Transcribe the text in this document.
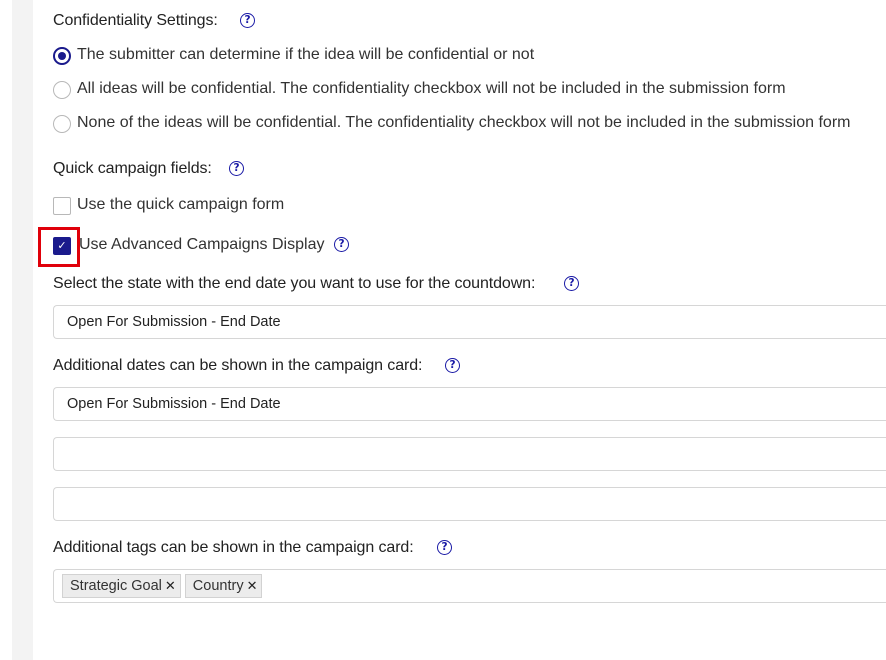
Confidentiality Settings:	?
The submitter can determine if the idea will be confidential or not
All ideas will be confidential. The confidentiality checkbox will not be included in the submission form
None of the ideas will be confidential. The confidentiality checkbox will not be included in the submission form
Quick campaign fields:	?
Use the quick campaign form
✓ Use Advanced Campaigns Display	?
Select the state with the end date you want to use for the countdown:	?
Open For Submission - End Date
Additional dates can be shown in the campaign card:	?
Open For Submission - End Date
Additional tags can be shown in the campaign card:	?
Strategic Goal ✕ Country ✕
